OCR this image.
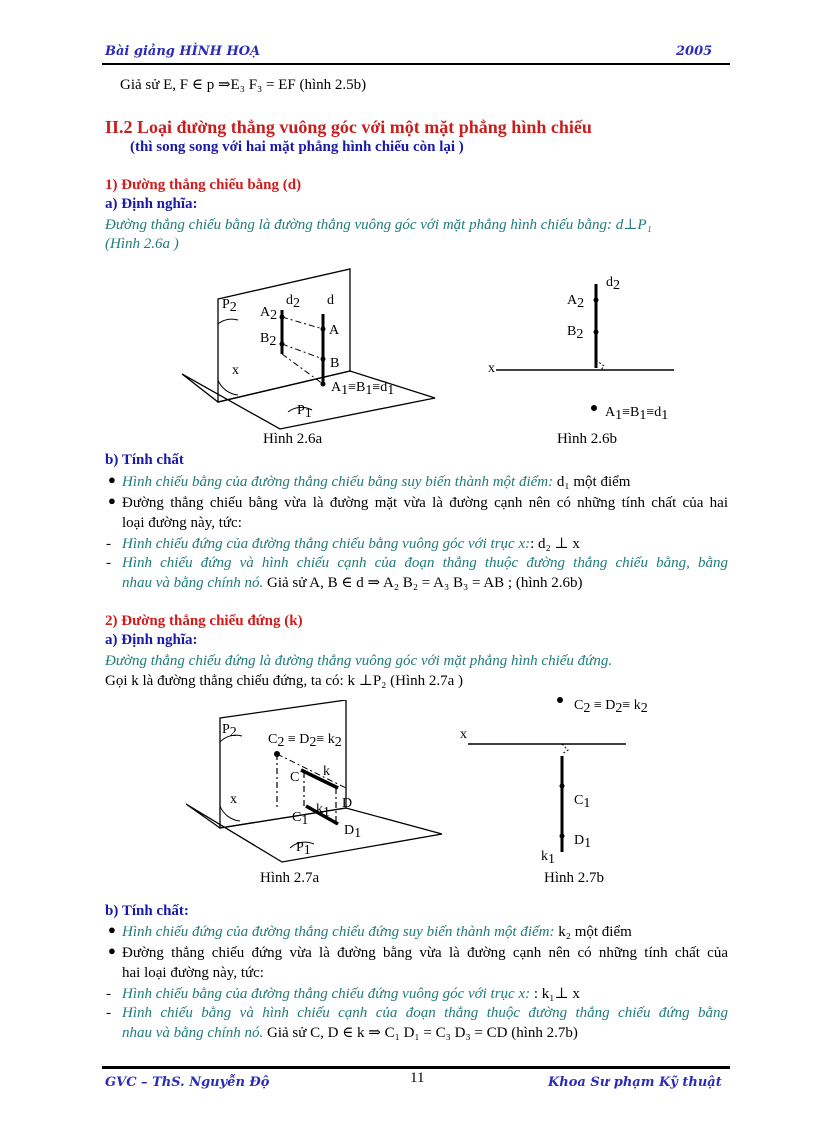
Bài giảng HÌNH HOẠ	2005
Giả sử E, F ∈ p ⇒E₃ F₃ = EF (hình 2.5b)
II.2 Loại đường thẳng vuông góc với một mặt phẳng hình chiếu
(thì song song với hai mặt phẳng hình chiếu còn lại )
1) Đường thẳng chiếu bằng (d)
a) Định nghĩa:
Đường thẳng chiếu bằng là đường thẳng vuông góc với mặt phẳng hình chiếu bằng: d⊥P₁
(Hình 2.6a )
P2 A2
B2
d2 d
A
B
x
A1≡B1≡d1
P1
d2
A2
B2
x
A1≡B1≡d1
Hình 2.6a	Hình 2.6b
b) Tính chất
● Hình chiếu bằng của đường thẳng chiếu bằng suy biến thành một điểm: d₁ một điểm
● Đường thẳng chiếu bằng vừa là đường mặt vừa là đường cạnh nên có những tính chất của hai
loại đường này, tức:
- Hình chiếu đứng của đường thẳng chiếu bằng vuông góc với trục x:: d₂ ⊥ x
- Hình chiếu đứng và hình chiếu cạnh của đoạn thẳng thuộc đường thẳng chiếu bằng, bằng
nhau và bằng chính nó. Giả sử A, B ∈ d ⇒ A₂ B₂ = A₃ B₃ = AB ; (hình 2.6b)
2) Đường thẳng chiếu đứng (k)
a) Định nghĩa:
Đường thẳng chiếu đứng là đường thẳng vuông góc với mặt phẳng hình chiếu đứng.
Gọi k là đường thẳng chiếu đứng, ta có: k ⊥P₂ (Hình 2.7a )
P2 C2 ≡ D2≡ k2
C k
k1
D
C1
D1
x
P1
C2 ≡ D2≡ k2
x
C1
D1
k1
Hình 2.7a	Hình 2.7b
b) Tính chất:
● Hình chiếu đứng của đường thẳng chiếu đứng suy biến thành một điểm: k₂ một điểm
● Đường thẳng chiếu đứng vừa là đường bằng vừa là đường cạnh nên có những tính chất của
hai loại đường này, tức:
- Hình chiếu bằng của đường thẳng chiếu đứng vuông góc với trục x: : k₁⊥ x
- Hình chiếu bằng và hình chiếu cạnh của đoạn thẳng thuộc đường thẳng chiếu đứng bằng
nhau và bằng chính nó. Giả sử C, D ∈ k ⇒ C₁ D₁ = C₃ D₃ = CD (hình 2.7b)
GVC – ThS. Nguyễn Độ	11	Khoa Sư phạm Kỹ thuật
